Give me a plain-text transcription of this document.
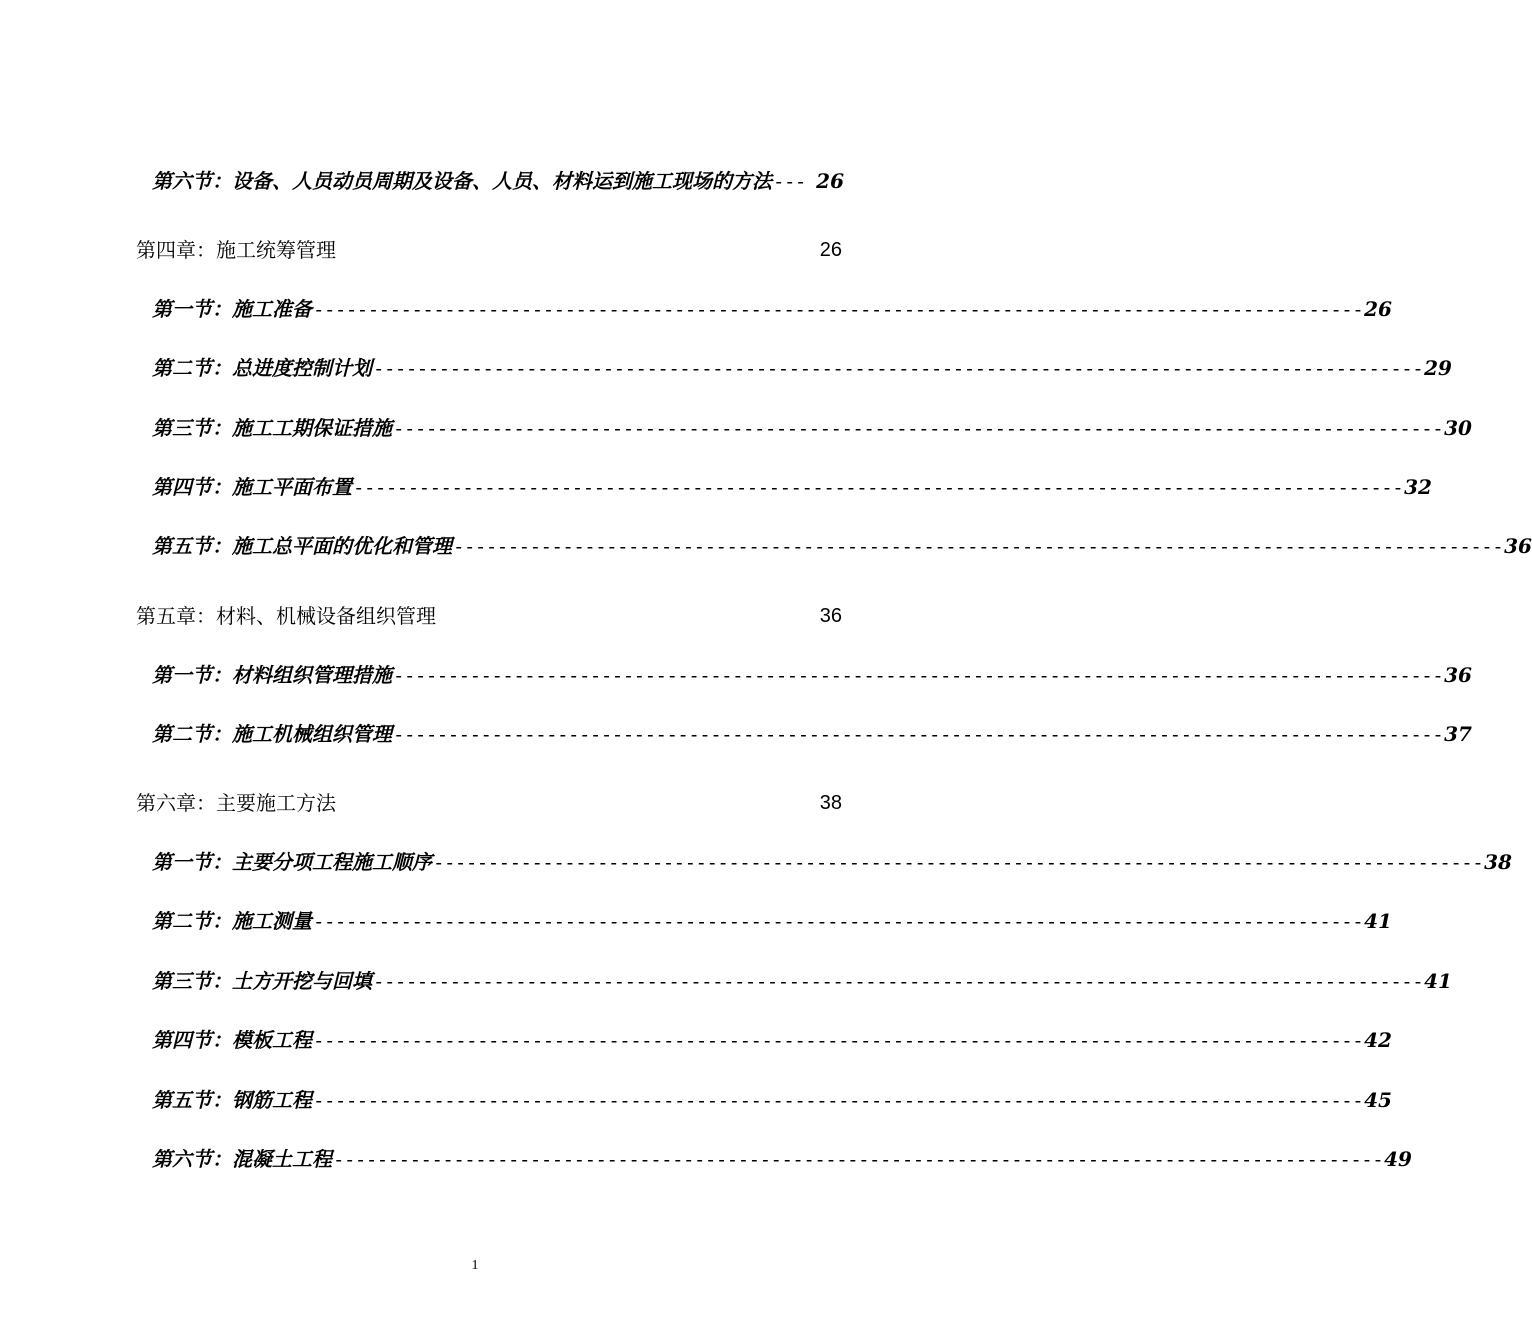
第六节：设备、人员动员周期及设备、人员、材料运到施工现场的方法 --- 26
第四章：施工统筹管理	26
第一节：施工准备 ------------------------------------------------------------------------------------------------ 26
第二节：总进度控制计划 ------------------------------------------------------------------------------------------------ 29
第三节：施工工期保证措施 ------------------------------------------------------------------------------------------------ 30
第四节：施工平面布置 ------------------------------------------------------------------------------------------------ 32
第五节：施工总平面的优化和管理 ------------------------------------------------------------------------------------------------ 36
第五章：材料、机械设备组织管理	36
第一节：材料组织管理措施 ------------------------------------------------------------------------------------------------ 36
第二节：施工机械组织管理 ------------------------------------------------------------------------------------------------ 37
第六章：主要施工方法	38
第一节：主要分项工程施工顺序 ------------------------------------------------------------------------------------------------ 38
第二节：施工测量 ------------------------------------------------------------------------------------------------ 41
第三节：土方开挖与回填 ------------------------------------------------------------------------------------------------ 41
第四节：模板工程 ------------------------------------------------------------------------------------------------ 42
第五节：钢筋工程 ------------------------------------------------------------------------------------------------ 45
第六节：混凝土工程 ------------------------------------------------------------------------------------------------ 49
1
